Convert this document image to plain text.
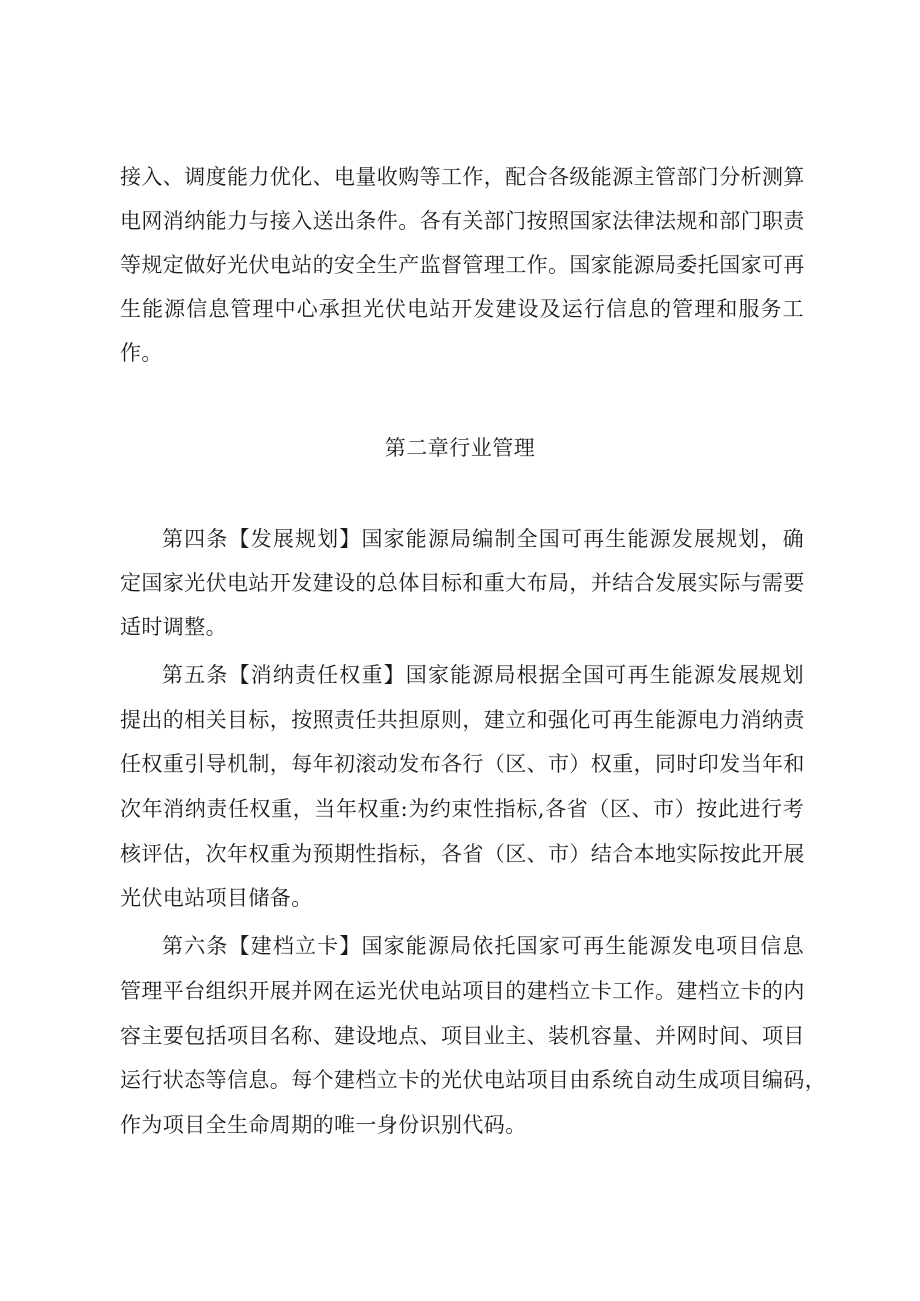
接入、调度能力优化、电量收购等工作，配合各级能源主管部门分析测算
电网消纳能力与接入送出条件。各有关部门按照国家法律法规和部门职责
等规定做好光伏电站的安全生产监督管理工作。国家能源局委托国家可再
生能源信息管理中心承担光伏电站开发建设及运行信息的管理和服务工
作。
第二章行业管理
第四条【发展规划】国家能源局编制全国可再生能源发展规划，确
定国家光伏电站开发建设的总体目标和重大布局，并结合发展实际与需要
适时调整。
第五条【消纳责任权重】国家能源局根据全国可再生能源发展规划
提出的相关目标，按照责任共担原则，建立和强化可再生能源电力消纳责
任权重引导机制，每年初滚动发布各行（区、市）权重，同时印发当年和
次年消纳责任权重，当年权重:为约束性指标,各省（区、市）按此进行考
核评估，次年权重为预期性指标，各省（区、市）结合本地实际按此开展
光伏电站项目储备。
第六条【建档立卡】国家能源局依托国家可再生能源发电项目信息
管理平台组织开展并网在运光伏电站项目的建档立卡工作。建档立卡的内
容主要包括项目名称、建设地点、项目业主、装机容量、并网时间、项目
运行状态等信息。每个建档立卡的光伏电站项目由系统自动生成项目编码，
作为项目全生命周期的唯一身份识别代码。
